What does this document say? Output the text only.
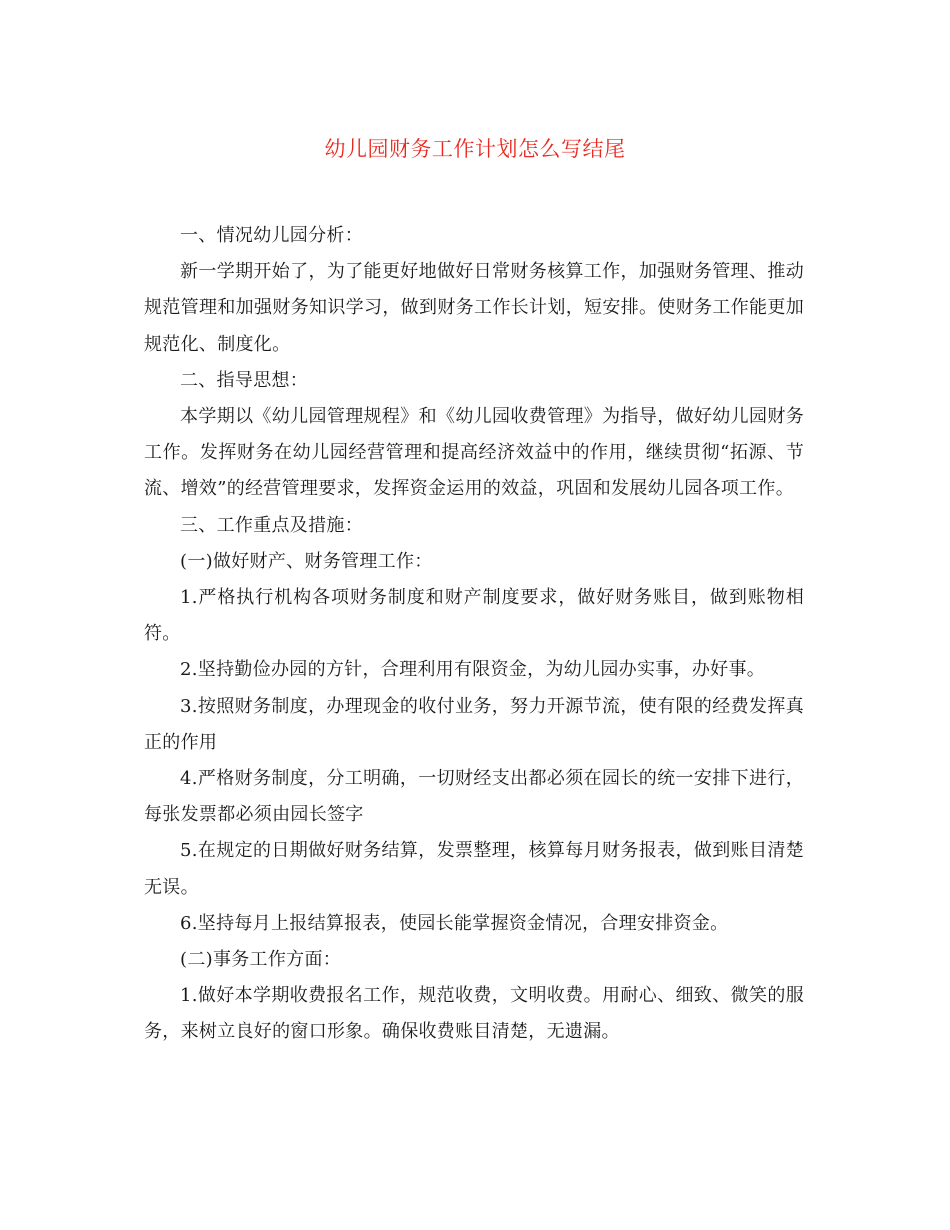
幼儿园财务工作计划怎么写结尾

一、情况幼儿园分析：

新一学期开始了，为了能更好地做好日常财务核算工作，加强财务管理、推动规范管理和加强财务知识学习，做到财务工作长计划，短安排。使财务工作能更加规范化、制度化。

二、指导思想：

本学期以《幼儿园管理规程》和《幼儿园收费管理》为指导，做好幼儿园财务工作。发挥财务在幼儿园经营管理和提高经济效益中的作用，继续贯彻“拓源、节流、增效”的经营管理要求，发挥资金运用的效益，巩固和发展幼儿园各项工作。

三、工作重点及措施：

(一)做好财产、财务管理工作：

1.严格执行机构各项财务制度和财产制度要求，做好财务账目，做到账物相符。

2.坚持勤俭办园的方针，合理利用有限资金，为幼儿园办实事，办好事。

3.按照财务制度，办理现金的收付业务，努力开源节流，使有限的经费发挥真正的作用

4.严格财务制度，分工明确，一切财经支出都必须在园长的统一安排下进行，每张发票都必须由园长签字

5.在规定的日期做好财务结算，发票整理，核算每月财务报表，做到账目清楚无误。

6.坚持每月上报结算报表，使园长能掌握资金情况，合理安排资金。

(二)事务工作方面：

1.做好本学期收费报名工作，规范收费，文明收费。用耐心、细致、微笑的服务，来树立良好的窗口形象。确保收费账目清楚，无遗漏。
